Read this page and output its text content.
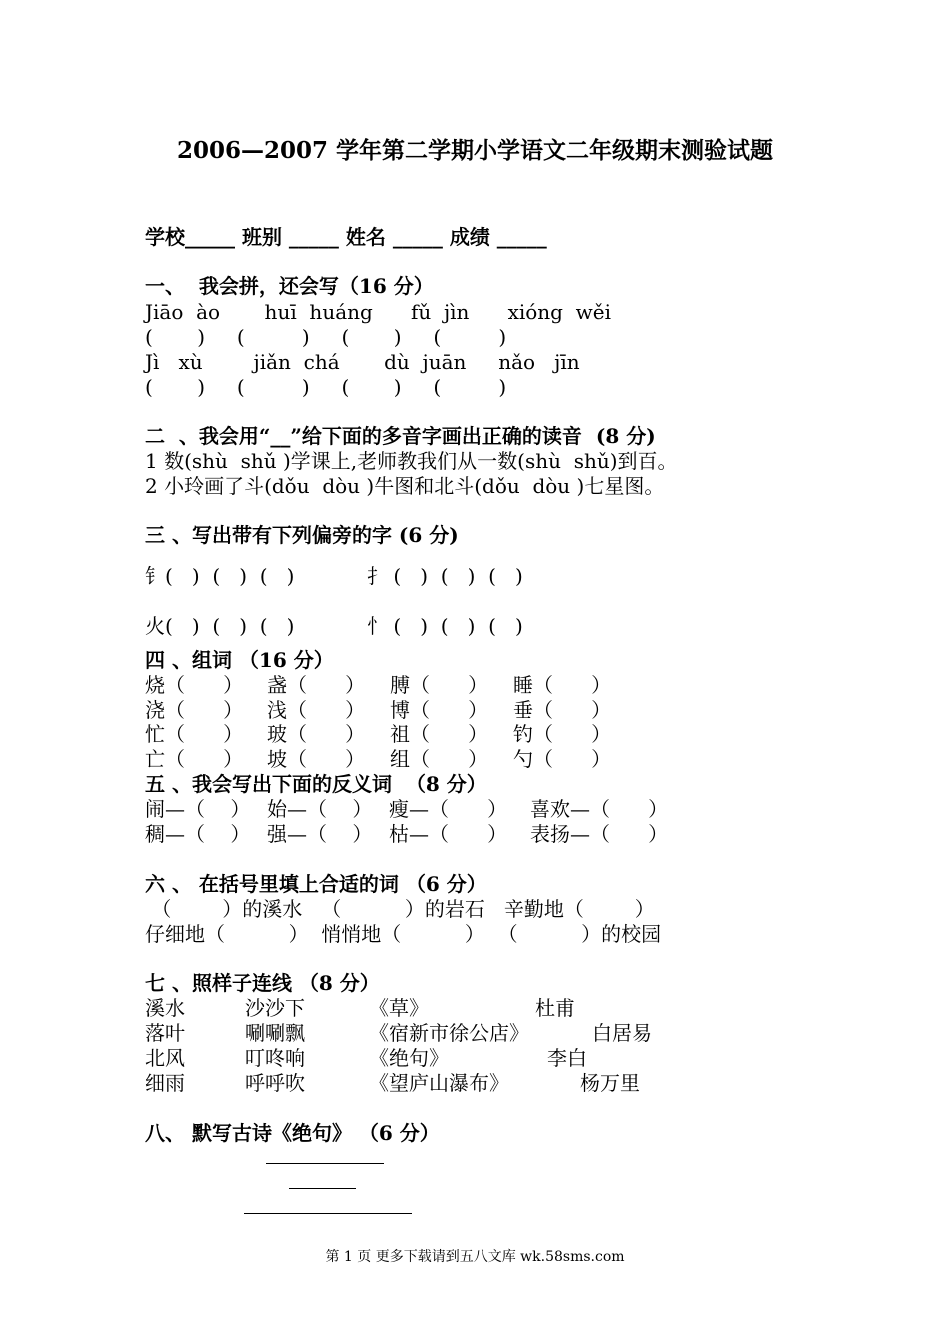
2006—2007 学年第二学期小学语文二年级期末测验试题
学校_____ 班别 _____ 姓名 _____ 成绩 _____
一、  我会拼，还会写（16 分）
Jiāo  ào       huī  huáng      fǔ  jìn      xióng  wěi
(       )     (         )     (       )     (         )
Jì   xù        jiǎn  chá       dù  juān     nǎo   jīn
(       )     (         )     (       )     (         )
二  、我会用“__”给下面的多音字画出正确的读音  (8 分)
1 数(shù  shǔ )学课上,老师教我们从一数(shù  shǔ)到百。
2 小玲画了斗(dǒu  dòu )牛图和北斗(dǒu  dòu )七星图。
三 、写出带有下列偏旁的字 (6 分)
钅(   )  (   )  (   )	扌 (   )  (   )  (   )
火(   )  (   )  (   )	忄 (   )  (   )  (   )
四 、组词 （16 分）
烧（      ） 盏（      ） 膊（      ） 睡（      ）
浇（      ） 浅（      ） 博（      ） 垂（      ）
忙（      ） 玻（      ） 祖（      ） 钓（      ）
亡（      ） 坡（      ） 组（      ） 勺（      ）
五 、我会写出下面的反义词  （8 分）
闹—（    ） 始—（    ） 瘦—（      ） 喜欢—（      ）
稠—（    ） 强—（    ） 枯—（      ） 表扬—（      ）
六 、 在括号里填上合适的词 （6 分）
（        ）的溪水   （          ）的岩石   辛勤地（        ）
仔细地（          ）  悄悄地（          ）  （          ）的校园
七 、照样子连线 （8 分）
溪水	沙沙下	《草》	杜甫
落叶	唰唰飘	《宿新市徐公店》	白居易
北风	叮咚响	《绝句》	李白
细雨	呼呼吹	《望庐山瀑布》	杨万里
八、 默写古诗《绝句》 （6 分）
第 1 页 更多下载请到五八文库 wk.58sms.com
